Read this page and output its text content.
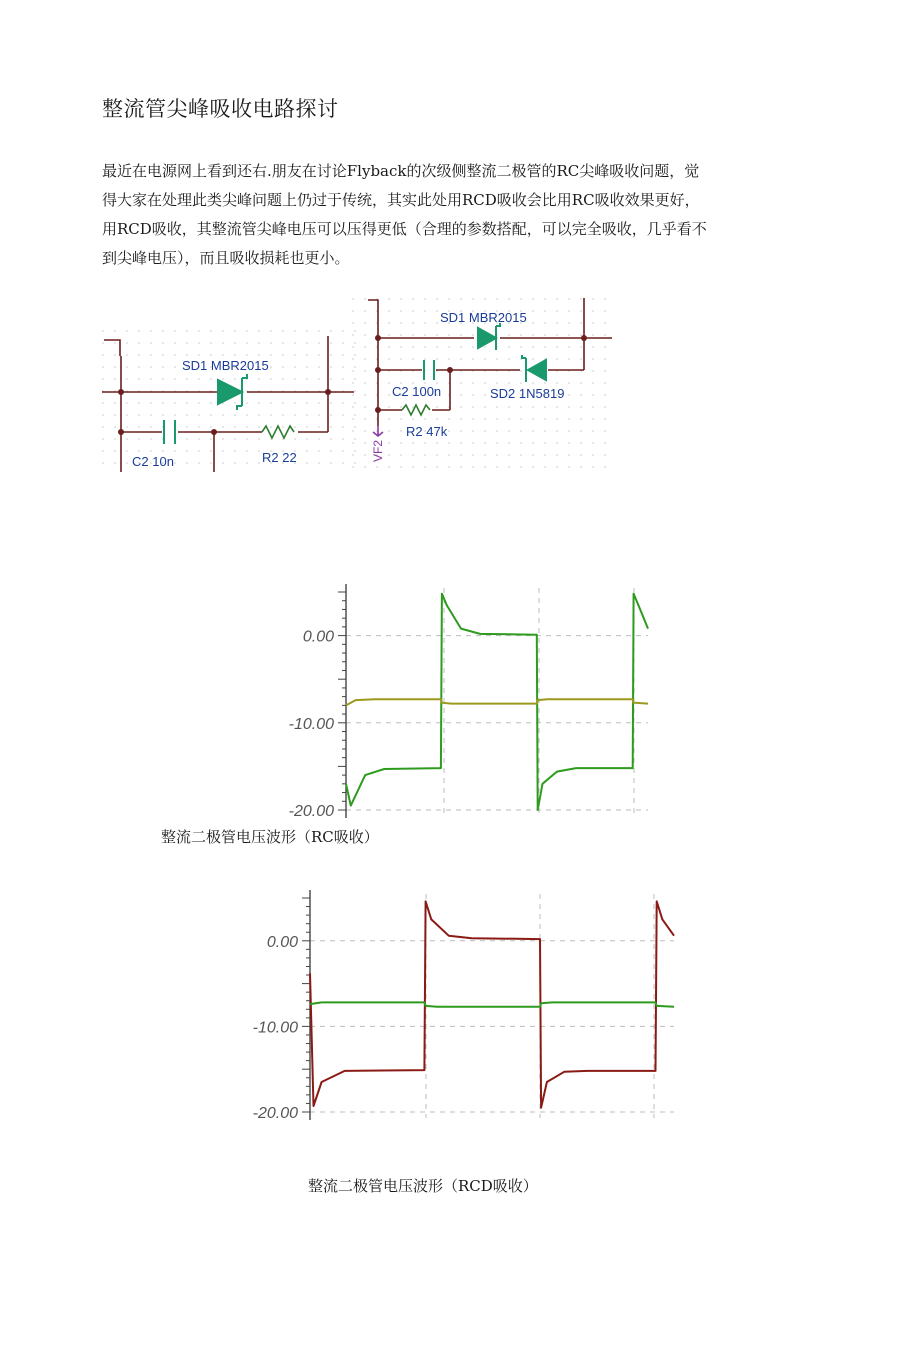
整流管尖峰吸收电路探讨
最近在电源网上看到还右.朋友在讨论Flyback的次级侧整流二极管的RC尖峰吸收问题，觉
得大家在处理此类尖峰问题上仍过于传统，其实此处用RCD吸收会比用RC吸收效果更好，
用RCD吸收，其整流管尖峰电压可以压得更低（合理的参数搭配，可以完全吸收，几乎看不
到尖峰电压），而且吸收损耗也更小。
SD1 MBR2015
C2 10n	R2 22
SD1 MBR2015
SD2 1N5819
C2 100n
R2 47k
VF2
0.00
-10.00
-20.00
整流二极管电压波形（RC吸收）
0.00
-10.00
-20.00
整流二极管电压波形（RCD吸收）
